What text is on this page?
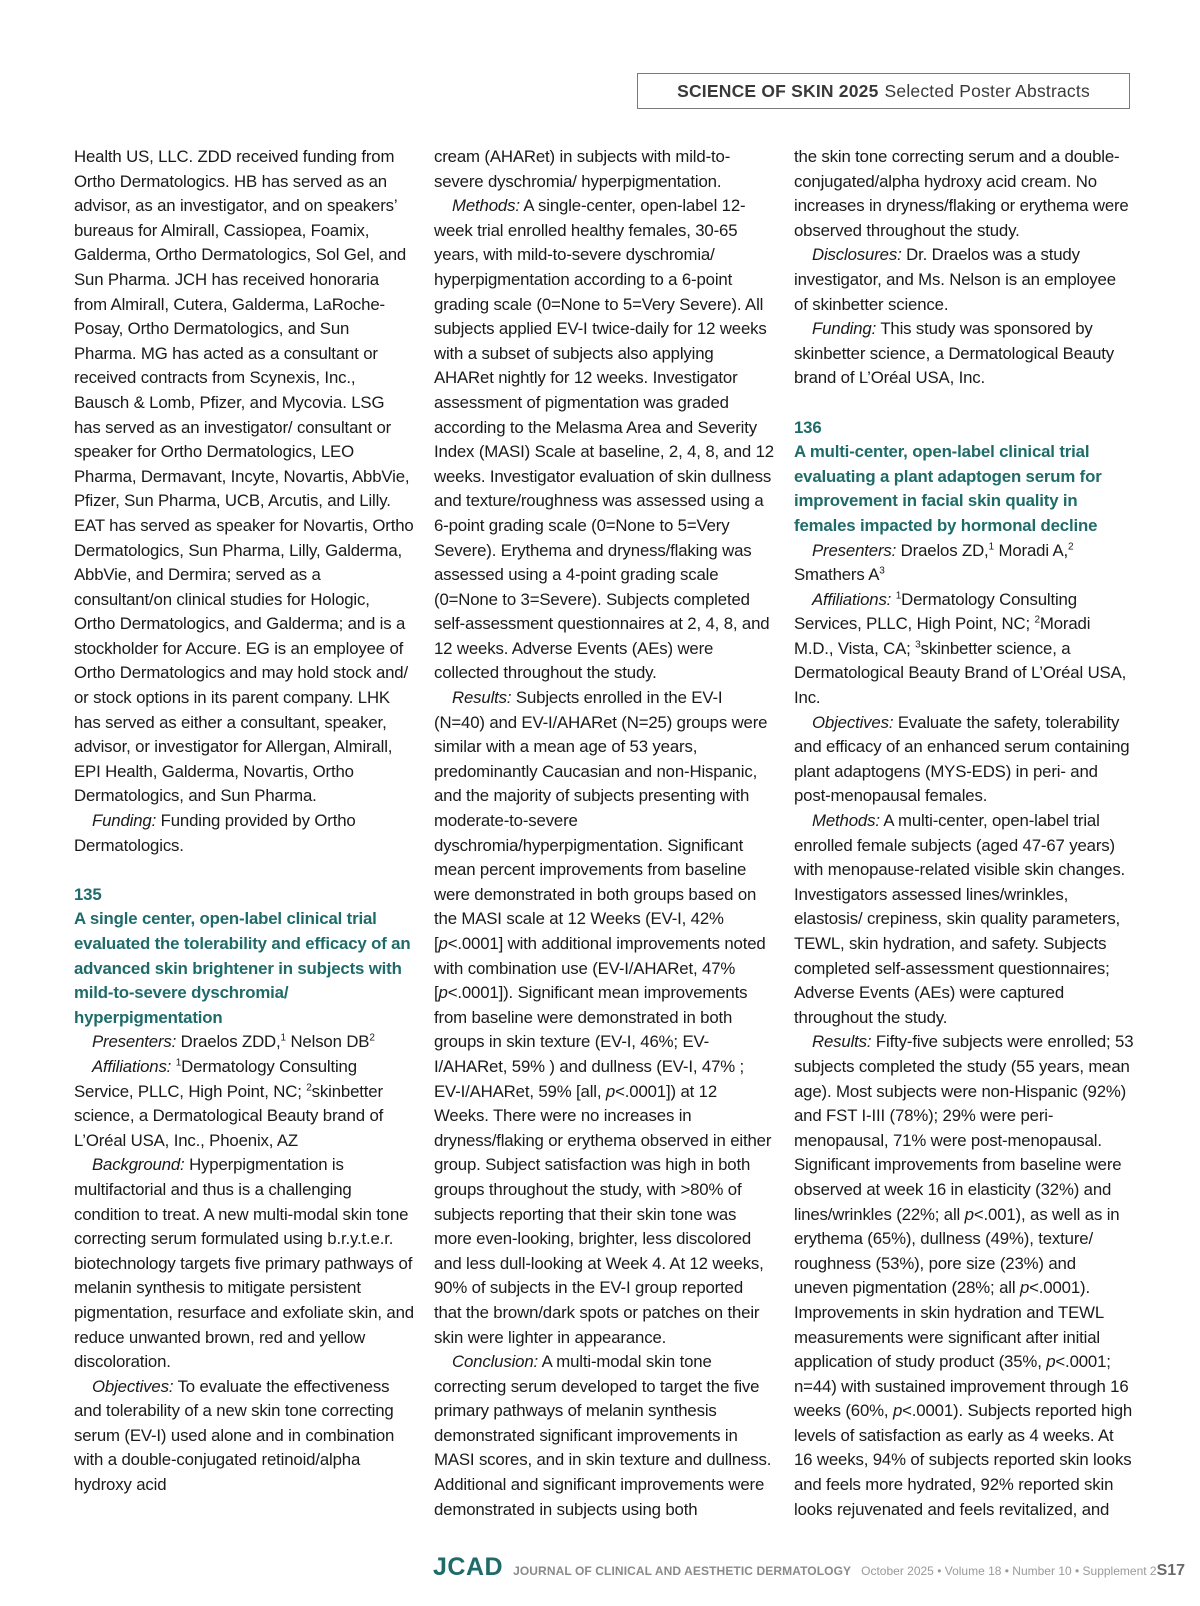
SCIENCE OF SKIN 2025 Selected Poster Abstracts

Health US, LLC. ZDD received funding from Ortho Dermatologics. HB has served as an advisor, as an investigator, and on speakers’ bureaus for Almirall, Cassiopea, Foamix, Galderma, Ortho Dermatologics, Sol Gel, and Sun Pharma. JCH has received honoraria from Almirall, Cutera, Galderma, LaRoche-Posay, Ortho Dermatologics, and Sun Pharma. MG has acted as a consultant or received contracts from Scynexis, Inc., Bausch & Lomb, Pfizer, and Mycovia. LSG has served as an investigator/ consultant or speaker for Ortho Dermatologics, LEO Pharma, Dermavant, Incyte, Novartis, AbbVie, Pfizer, Sun Pharma, UCB, Arcutis, and Lilly. EAT has served as speaker for Novartis, Ortho Dermatologics, Sun Pharma, Lilly, Galderma, AbbVie, and Dermira; served as a consultant/on clinical studies for Hologic, Ortho Dermatologics, and Galderma; and is a stockholder for Accure. EG is an employee of Ortho Dermatologics and may hold stock and/ or stock options in its parent company. LHK has served as either a consultant, speaker, advisor, or investigator for Allergan, Almirall, EPI Health, Galderma, Novartis, Ortho Dermatologics, and Sun Pharma.

Funding: Funding provided by Ortho Dermatologics.

135

A single center, open-label clinical trial evaluated the tolerability and efficacy of an advanced skin brightener in subjects with mild-to-severe dyschromia/ hyperpigmentation

Presenters: Draelos ZDD,$^1$ Nelson $DB^2$

Affiliations: $^1$Dermatology Consulting Service, PLLC, High Point, NC; $^2$skinbetter science, a Dermatological Beauty brand of L’Oréal USA, Inc., Phoenix, AZ

Background: Hyperpigmentation is multifactorial and thus is a challenging condition to treat. A new multi-modal skin tone correcting serum formulated using b.r.y.t.e.r. biotechnology targets five primary pathways of melanin synthesis to mitigate persistent pigmentation, resurface and exfoliate skin, and reduce unwanted brown, red and yellow discoloration.

Objectives: To evaluate the effectiveness and tolerability of a new skin tone correcting serum (EV-I) used alone and in combination with a double-conjugated retinoid/alpha hydroxy acid

cream (AHARet) in subjects with mild-to-severe dyschromia/ hyperpigmentation.

Methods: A single-center, open-label 12-week trial enrolled healthy females, 30-65 years, with mild-to-severe dyschromia/ hyperpigmentation according to a 6-point grading scale (0=None to 5=Very Severe). All subjects applied EV-I twice-daily for 12 weeks with a subset of subjects also applying AHARet nightly for 12 weeks. Investigator assessment of pigmentation was graded according to the Melasma Area and Severity Index (MASI) Scale at baseline, 2, 4, 8, and 12 weeks. Investigator evaluation of skin dullness and texture/roughness was assessed using a 6-point grading scale (0=None to 5=Very Severe). Erythema and dryness/flaking was assessed using a 4-point grading scale (0=None to 3=Severe). Subjects completed self-assessment questionnaires at 2, 4, 8, and 12 weeks. Adverse Events (AEs) were collected throughout the study.

Results: Subjects enrolled in the EV-I (N=40) and EV-I/AHARet (N=25) groups were similar with a mean age of 53 years, predominantly Caucasian and non-Hispanic, and the majority of subjects presenting with moderate-to-severe dyschromia/hyperpigmentation. Significant mean percent improvements from baseline were demonstrated in both groups based on the MASI scale at 12 Weeks (EV-I, 42% [p<.0001] with additional improvements noted with combination use (EV-I/AHARet, 47% [p<.0001]). Significant mean improvements from baseline were demonstrated in both groups in skin texture (EV-I, 46%; EV-I/AHARet, 59% ) and dullness (EV-I, 47% ; EV-I/AHARet, 59% [all, p<.0001]) at 12 Weeks. There were no increases in dryness/flaking or erythema observed in either group. Subject satisfaction was high in both groups throughout the study, with >80% of subjects reporting that their skin tone was more even-looking, brighter, less discolored and less dull-looking at Week 4. At 12 weeks, 90% of subjects in the EV-I group reported that the brown/dark spots or patches on their skin were lighter in appearance.

Conclusion: A multi-modal skin tone correcting serum developed to target the five primary pathways of melanin synthesis demonstrated significant improvements in MASI scores, and in skin texture and dullness. Additional and significant improvements were demonstrated in subjects using both

the skin tone correcting serum and a double-conjugated/alpha hydroxy acid cream. No increases in dryness/flaking or erythema were observed throughout the study.

Disclosures: Dr. Draelos was a study investigator, and Ms. Nelson is an employee of skinbetter science.

Funding: This study was sponsored by skinbetter science, a Dermatological Beauty brand of L’Oréal USA, Inc.

136

A multi-center, open-label clinical trial evaluating a plant adaptogen serum for improvement in facial skin quality in females impacted by hormonal decline

Presenters: Draelos ZD,$^1$ Moradi A,$^2$ Smathers $A^3$

Affiliations: $^1$Dermatology Consulting Services, PLLC, High Point, NC; $^2$Moradi M.D., Vista, CA; $^3$skinbetter science, a Dermatological Beauty Brand of L’Oréal USA, Inc.

Objectives: Evaluate the safety, tolerability and efficacy of an enhanced serum containing plant adaptogens (MYS-EDS) in peri- and post-menopausal females.

Methods: A multi-center, open-label trial enrolled female subjects (aged 47-67 years) with menopause-related visible skin changes. Investigators assessed lines/wrinkles, elastosis/ crepiness, skin quality parameters, TEWL, skin hydration, and safety. Subjects completed self-assessment questionnaires; Adverse Events (AEs) were captured throughout the study.

Results: Fifty-five subjects were enrolled; 53 subjects completed the study (55 years, mean age). Most subjects were non-Hispanic (92%) and FST I-III (78%); 29% were peri-menopausal, 71% were post-menopausal. Significant improvements from baseline were observed at week 16 in elasticity (32%) and lines/wrinkles (22%; all p<.001), as well as in erythema (65%), dullness (49%), texture/ roughness (53%), pore size (23%) and uneven pigmentation (28%; all p<.0001). Improvements in skin hydration and TEWL measurements were significant after initial application of study product (35%, p<.0001; n=44) with sustained improvement through 16 weeks (60%, p<.0001). Subjects reported high levels of satisfaction as early as 4 weeks. At 16 weeks, 94% of subjects reported skin looks and feels more hydrated, 92% reported skin looks rejuvenated and feels revitalized, and

JCAD JOURNAL OF CLINICAL AND AESTHETIC DERMATOLOGY October 2025 • Volume 18 • Number 10 • Supplement 2 S17
